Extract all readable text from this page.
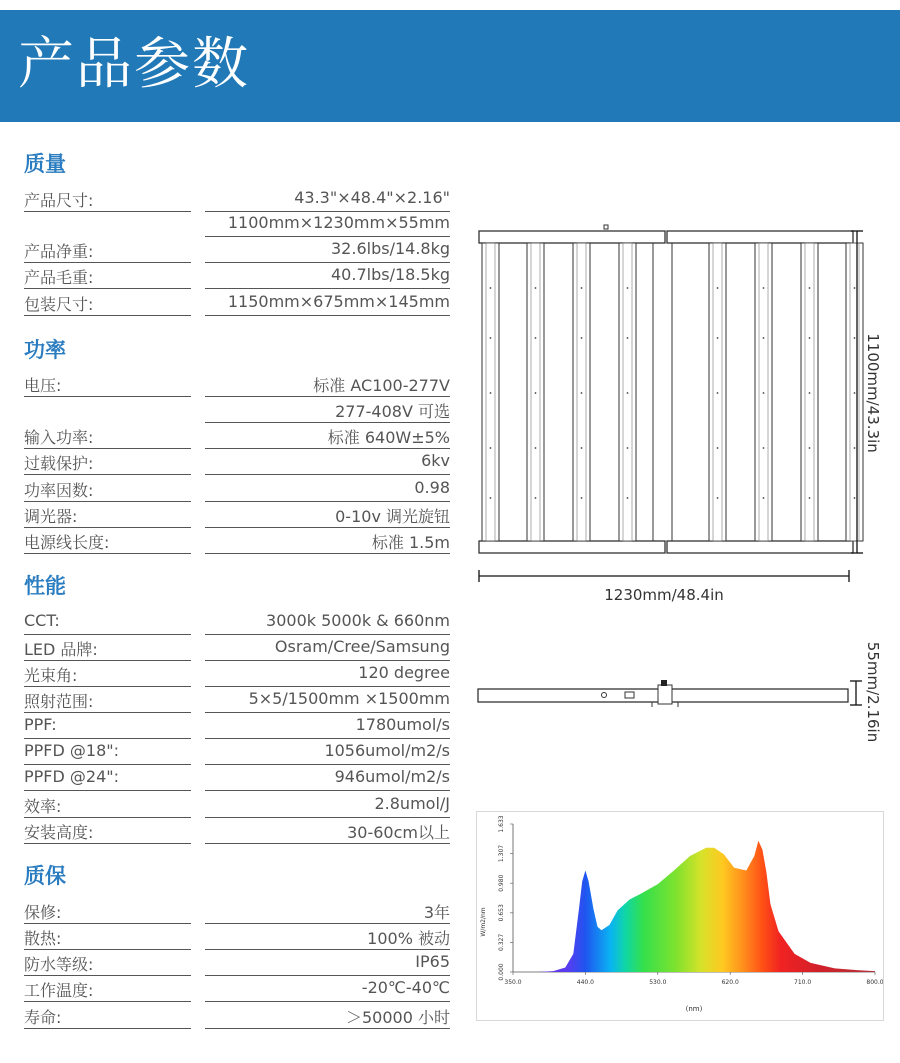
产品参数
质量
功率
性能
质保
产品尺寸:	43.3"×48.4"×2.16"
1100mm×1230mm×55mm
产品净重:	32.6lbs/14.8kg
产品毛重:	40.7lbs/18.5kg
包装尺寸:	1150mm×675mm×145mm
电压:	标准 AC100-277V
277-408V 可选
输入功率:	标准 640W±5%
过载保护:	6kv
功率因数:	0.98
调光器:	0-10v 调光旋钮
电源线长度:	标准 1.5m
CCT:	3000k 5000k & 660nm
LED 品牌:	Osram/Cree/Samsung
光束角:	120 degree
照射范围:	5×5/1500mm ×1500mm
PPF:	1780umol/s
PPFD @18":	1056umol/m2/s
PPFD @24":	946umol/m2/s
效率:	2.8umol/J
安装高度:	30-60cm以上
保修:	3年
散热:	100% 被动
防水等级:	IP65
工作温度:	-20℃-40℃
寿命:	＞50000 小时
1100mm/43.3in
1230mm/48.4in
55mm/2.16in
350.0	440.0	530.0	620.0	710.0	800.0
0.000
0.327
0.653
0.980
1.307
1.633
W/m2/nm
(nm)
